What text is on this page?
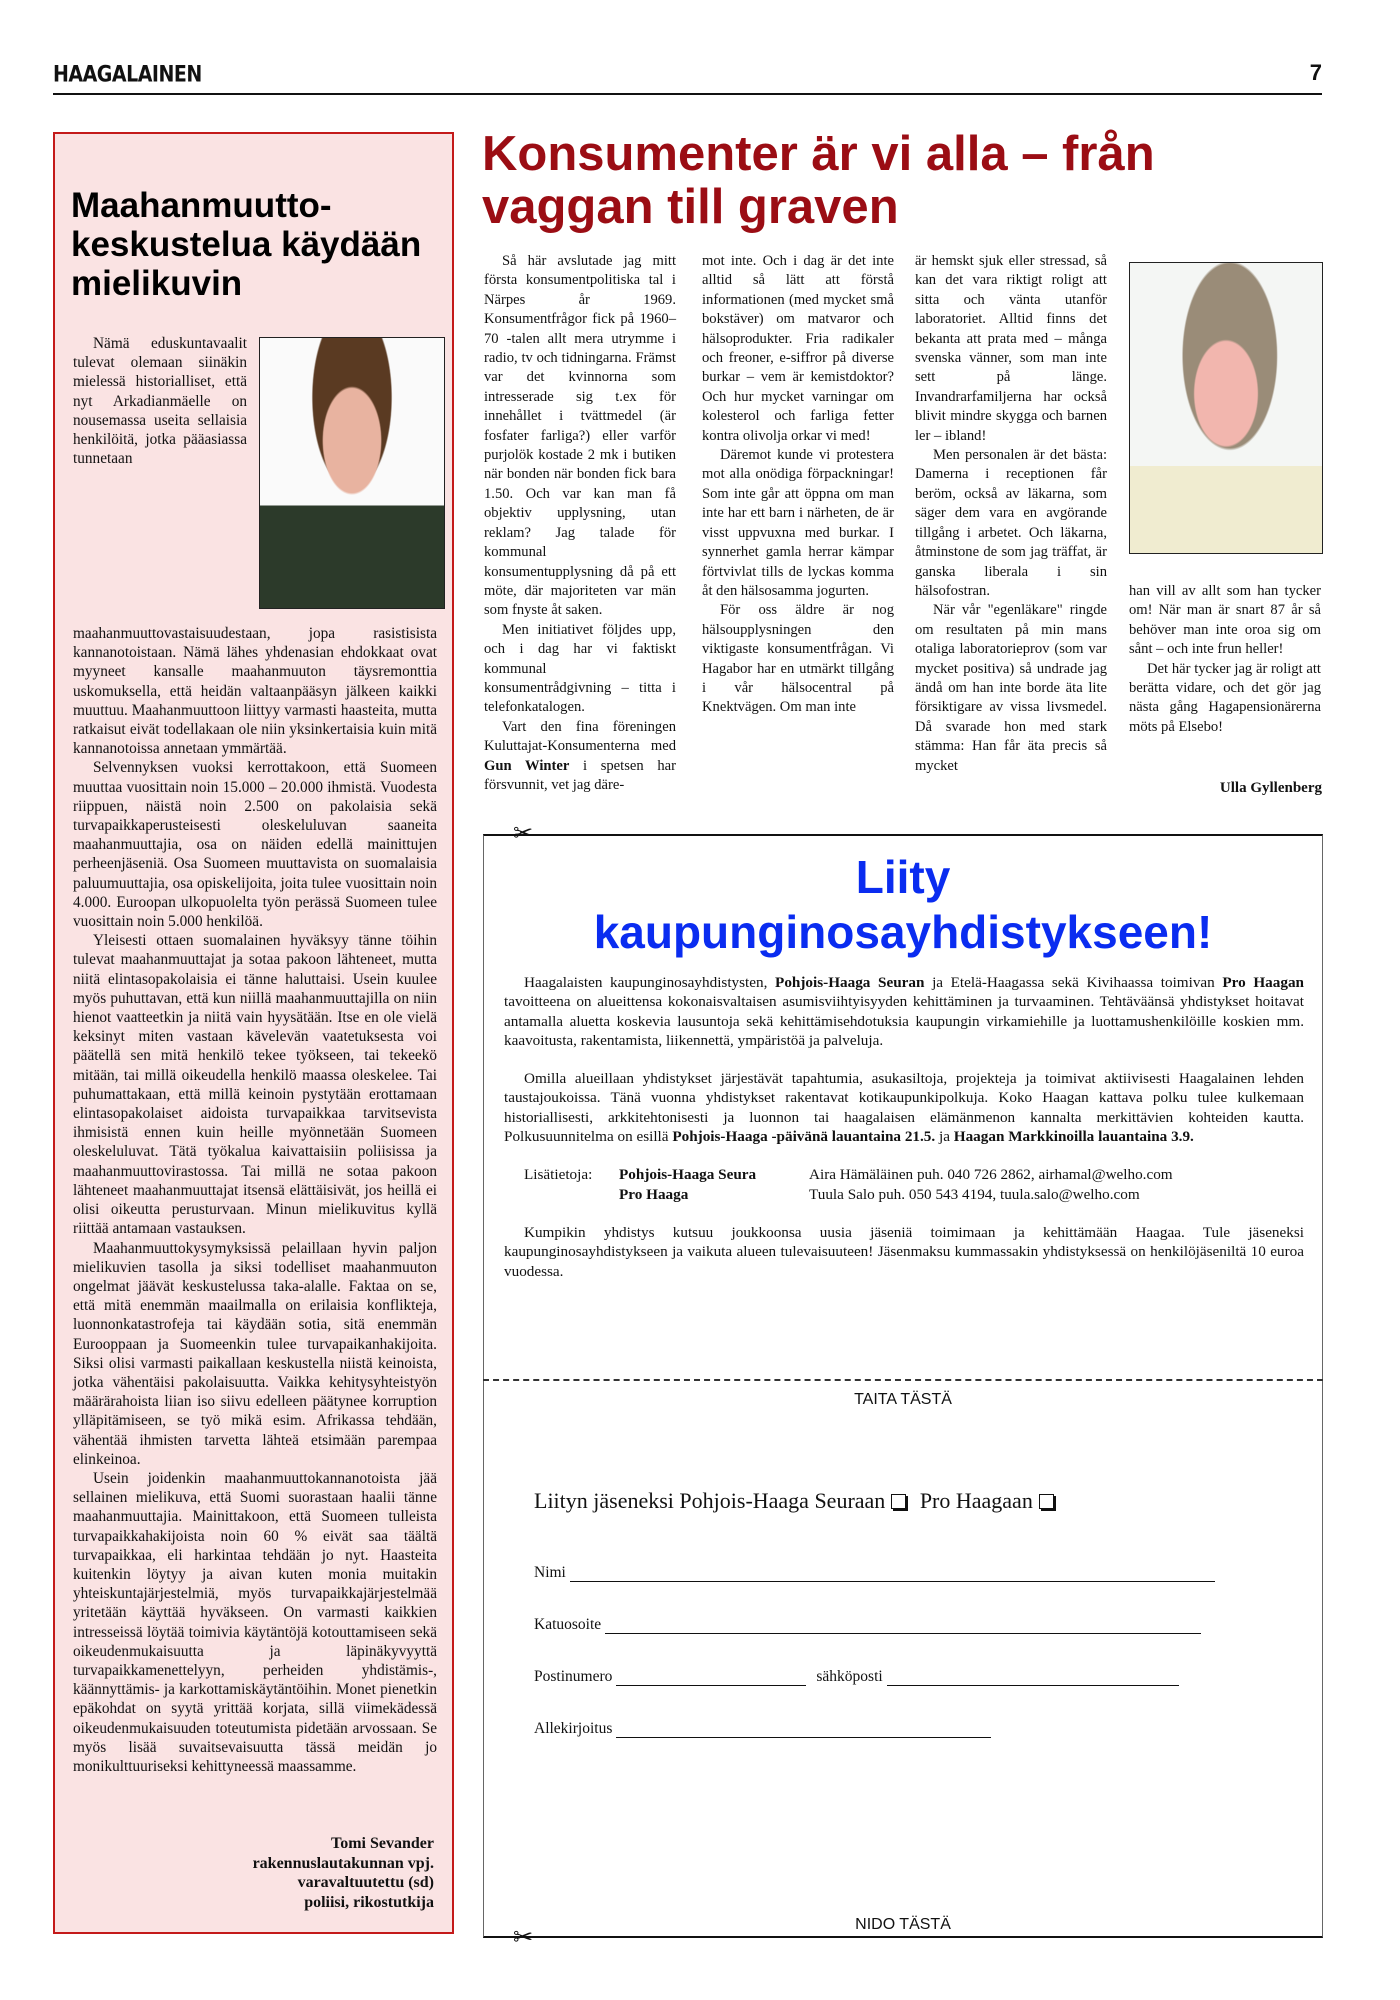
HAAGALAINEN	7
Maahanmuutto-keskustelua käydään mielikuvin

Nämä eduskuntavaalit tulevat olemaan siinäkin mielessä historialliset, että nyt Arkadianmäelle on nousemassa useita sellaisia henkilöitä, jotka pääasiassa tunnetaan maahanmuuttovastaisuudestaan, jopa rasistisista kannanotoistaan. Nämä lähes yhdenasian ehdokkaat ovat myyneet kansalle maahanmuuton täysremonttia uskomuksella, että heidän valtaanpääsyn jälkeen kaikki muuttuu. Maahanmuuttoon liittyy varmasti haasteita, mutta ratkaisut eivät todellakaan ole niin yksinkertaisia kuin mitä kannanotoissa annetaan ymmärtää.

Selvennyksen vuoksi kerrottakoon, että Suomeen muuttaa vuosittain noin 15.000 – 20.000 ihmistä. Vuodesta riippuen, näistä noin 2.500 on pakolaisia sekä turvapaikkaperusteisesti oleskeluluvan saaneita maahanmuuttajia, osa on näiden edellä mainittujen perheenjäseniä. Osa Suomeen muuttavista on suomalaisia paluumuuttajia, osa opiskelijoita, joita tulee vuosittain noin 4.000. Euroopan ulkopuolelta työn perässä Suomeen tulee vuosittain noin 5.000 henkilöä.

Yleisesti ottaen suomalainen hyväksyy tänne töihin tulevat maahanmuuttajat ja sotaa pakoon lähteneet, mutta niitä elintasopakolaisia ei tänne haluttaisi. Usein kuulee myös puhuttavan, että kun niillä maahanmuuttajilla on niin hienot vaatteetkin ja niitä vain hyysätään. Itse en ole vielä keksinyt miten vastaan kävelevän vaatetuksesta voi päätellä sen mitä henkilö tekee työkseen, tai tekeekö mitään, tai millä oikeudella henkilö maassa oleskelee. Tai puhumattakaan, että millä keinoin pystytään erottamaan elintasopakolaiset aidoista turvapaikkaa tarvitsevista ihmisistä ennen kuin heille myönnetään Suomeen oleskeluluvat. Tätä työkalua kaivattaisiin poliisissa ja maahanmuuttovirastossa. Tai millä ne sotaa pakoon lähteneet maahanmuuttajat itsensä elättäisivät, jos heillä ei olisi oikeutta perusturvaan. Minun mielikuvitus kyllä riittää antamaan vastauksen.

Maahanmuuttokysymyksissä pelaillaan hyvin paljon mielikuvien tasolla ja siksi todelliset maahanmuuton ongelmat jäävät keskustelussa taka-alalle. Faktaa on se, että mitä enemmän maailmalla on erilaisia konflikteja, luonnonkatastrofeja tai käydään sotia, sitä enemmän Eurooppaan ja Suomeenkin tulee turvapaikanhakijoita. Siksi olisi varmasti paikallaan keskustella niistä keinoista, jotka vähentäisi pakolaisuutta. Vaikka kehitysyhteistyön määrärahoista liian iso siivu edelleen päätynee korruption ylläpitämiseen, se työ mikä esim. Afrikassa tehdään, vähentää ihmisten tarvetta lähteä etsimään parempaa elinkeinoa.

Usein joidenkin maahanmuuttokannanotoista jää sellainen mielikuva, että Suomi suorastaan haalii tänne maahanmuuttajia. Mainittakoon, että Suomeen tulleista turvapaikkahakijoista noin 60 % eivät saa täältä turvapaikkaa, eli harkintaa tehdään jo nyt. Haasteita kuitenkin löytyy ja aivan kuten monia muitakin yhteiskuntajärjestelmiä, myös turvapaikkajärjestelmää yritetään käyttää hyväkseen. On varmasti kaikkien intresseissä löytää toimivia käytäntöjä kotouttamiseen sekä oikeudenmukaisuutta ja läpinäkyvyyttä turvapaikkamenettelyyn, perheiden yhdistämis-, käännyttämis- ja karkottamiskäytäntöihin. Monet pienetkin epäkohdat on syytä yrittää korjata, sillä viimekädessä oikeudenmukaisuuden toteutumista pidetään arvossaan. Se myös lisää suvaitsevaisuutta tässä meidän jo monikulttuuriseksi kehittyneessä maassamme.

Tomi Sevander
rakennuslautakunnan vpj.
varavaltuutettu (sd)
poliisi, rikostutkija
Konsumenter är vi alla – från vaggan till graven

Så här avslutade jag mitt första konsumentpolitiska tal i Närpes år 1969. Konsumentfrågor fick på 1960–70 -talen allt mera utrymme i radio, tv och tidningarna. Främst var det kvinnorna som intresserade sig t.ex för innehållet i tvättmedel (är fosfater farliga?) eller varför purjolök kostade 2 mk i butiken när bonden när bonden fick bara 1.50. Och var kan man få objektiv upplysning, utan reklam? Jag talade för kommunal konsumentupplysning då på ett möte, där majoriteten var män som fnyste åt saken.

Men initiativet följdes upp, och i dag har vi faktiskt kommunal konsumentrådgivning – titta i telefonkatalogen.

Vart den fina föreningen Kuluttajat-Konsumenterna med Gun Winter i spetsen har försvunnit, vet jag däre-

mot inte. Och i dag är det inte alltid så lätt att förstå informationen (med mycket små bokstäver) om matvaror och hälsoprodukter. Fria radikaler och freoner, e-siffror på diverse burkar – vem är kemistdoktor? Och hur mycket varningar om kolesterol och farliga fetter kontra olivolja orkar vi med!

Däremot kunde vi protestera mot alla onödiga förpackningar! Som inte går att öppna om man inte har ett barn i närheten, de är visst uppvuxna med burkar. I synnerhet gamla herrar kämpar förtvivlat tills de lyckas komma åt den hälsosamma jogurten.

För oss äldre är nog hälsoupplysningen den viktigaste konsumentfrågan. Vi Hagabor har en utmärkt tillgång i vår hälsocentral på Knektvägen. Om man inte

är hemskt sjuk eller stressad, så kan det vara riktigt roligt att sitta och vänta utanför laboratoriet. Alltid finns det bekanta att prata med – många svenska vänner, som man inte sett på länge. Invandrarfamiljerna har också blivit mindre skygga och barnen ler – ibland!

Men personalen är det bästa: Damerna i receptionen får beröm, också av läkarna, som säger dem vara en avgörande tillgång i arbetet. Och läkarna, åtminstone de som jag träffat, är ganska liberala i sin hälsofostran.

När vår "egenläkare" ringde om resultaten på min mans otaliga laboratorieprov (som var mycket positiva) så undrade jag ändå om han inte borde äta lite försiktigare av vissa livsmedel. Då svarade hon med stark stämma: Han får äta precis så mycket

han vill av allt som han tycker om! När man är snart 87 år så behöver man inte oroa sig om sånt – och inte frun heller!

Det här tycker jag är roligt att berätta vidare, och det gör jag nästa gång Hagapensionärerna möts på Elsebo!

Ulla Gyllenberg
✂
Liity
kaupunginosayhdistykseen!

Haagalaisten kaupunginosayhdistysten, Pohjois-Haaga Seuran ja Etelä-Haagassa sekä Kivihaassa toimivan Pro Haagan tavoitteena on alueittensa kokonaisvaltaisen asumisviihtyisyyden kehittäminen ja turvaaminen. Tehtäväänsä yhdistykset hoitavat antamalla aluetta koskevia lausuntoja sekä kehittämisehdotuksia kaupungin virkamiehille ja luottamushenkilöille koskien mm. kaavoitusta, rakentamista, liikennettä, ympäristöä ja palveluja.

Omilla alueillaan yhdistykset järjestävät tapahtumia, asukasiltoja, projekteja ja toimivat aktiivisesti Haagalainen lehden taustajoukoissa. Tänä vuonna yhdistykset rakentavat kotikaupunkipolkuja. Koko Haagan kattava polku tulee kulkemaan historiallisesti, arkkitehtonisesti ja luonnon tai haagalaisen elämänmenon kannalta merkittävien kohteiden kautta. Polkusuunnitelma on esillä Pohjois-Haaga -päivänä lauantaina 21.5. ja Haagan Markkinoilla lauantaina 3.9.

Lisätietoja:	Pohjois-Haaga Seura	Aira Hämäläinen puh. 040 726 2862, airhamal@welho.com
Pro Haaga	Tuula Salo puh. 050 543 4194, tuula.salo@welho.com

Kumpikin yhdistys kutsuu joukkoonsa uusia jäseniä toimimaan ja kehittämään Haagaa. Tule jäseneksi kaupunginosayhdistykseen ja vaikuta alueen tulevaisuuteen! Jäsenmaksu kummassakin yhdistyksessä on henkilöjäseniltä 10 euroa vuodessa.

TAITA TÄSTÄ
Liityn jäseneksi Pohjois-Haaga Seuraan Pro Haagaan
Nimi
Katuosoite
Postinumero	sähköposti
Allekirjoitus
NIDO TÄSTÄ
✂
